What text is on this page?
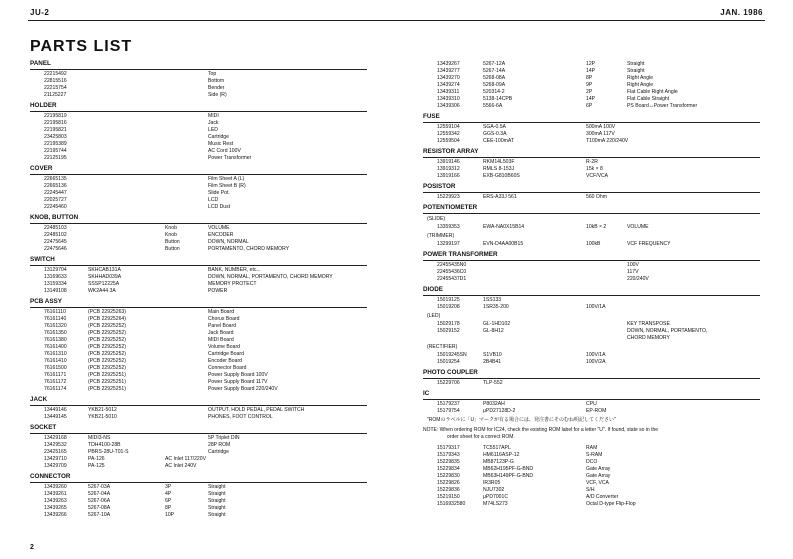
JU-2	JAN. 1986
PARTS LIST
PANEL
22215492	Top
22815516	Bottom
22215754	Bender
21125227	Side (R)
HOLDER
22195819	MIDI
22195816	Jack
22195821	LED
23425803	Cartridge
22195389	Music Rest
22195744	AC Cord 100V
22125195	Power Transformer
COVER
22665135	Film Sheet A (L)
22665136	Film Sheet B (R)
22245447	Slide Pot.
22025727	LCD
22245460	LCD Dust
KNOB, BUTTON
22485103	Knob	VOLUME
22485102	Knob	ENCODER
22475645	Button	DOWN, NORMAL
22475646	Button	PORTAMENTO, CHORD MEMORY
SWITCH
13129704	SKHCAB131A	BANK, NUMBER, etc...
13169633	SKHHAD039A	DOWN, NORMAL, PORTAMENTO, CHORD MEMORY
13159334	SSSP12225A	MEMORY PROTECT
13149108	WK2A44 3A	POWER
PCB ASSY
76161110	(PCB 22925263)	Main Board
76161140	(PCB 22925264)	Chorus Board
76161320	(PCB 22925252)	Panel Board
76161350	(PCB 22925252)	Jack Board
76161380	(PCB 22925252)	MIDI Board
76161400	(PCB 22925252)	Volume Board
76161310	(PCB 22925252)	Cartridge Board
76161410	(PCB 22925252)	Encoder Board
76161500	(PCB 22925252)	Connector Board
76161171	(PCB 22925251)	Power Supply Board 100V
76161172	(PCB 22925251)	Power Supply Board 117V
76161174	(PCB 22925251)	Power Supply Board 220/240V
JACK
13449146	YKB21-5012	OUTPUT, HOLD PEDAL, PEDAL SWITCH
13449145	YKB21-5010	PHONES, FOOT CONTROL
SOCKET
13429168	MIDI3-NS	5P Triplet DIN
13429532	TDH4100-28B	28P ROM
23425165	PBRS-28U-T01-S	Cartridge
13429710	PA-126	AC Inlet 117/220V
13429709	PA-125	AC Inlet 240V
CONNECTOR
13439260	5267-03A	3P	Straight
13439261	5267-04A	4P	Straight
13439263	5267-06A	6P	Straight
13439265	5267-08A	8P	Straight
13439266	5267-10A	10P	Straight
13439267	5267-12A	12P	Straight
13439277	5267-14A	14P	Straight
13439270	5268-08A	8P	Right Angle
13439274	5268-09A	9P	Right Angle
13439311	520314-2	2P	Flat Cable Right Angle
13439310	5138-14CPB	14P	Flat Cable Straight
13439306	5566-6A	6P	PS Board↔Power Transformer
FUSE
12559104	SGA-0.5A	500mA 100V
12559342	GGS-0.3A	300mA 117V
12559504	CEE-100mAT	T100mA 220/240V
RESISTOR ARRAY
13919146	RKM14L503F	R-2R
13919312	RMLS 8-153J	15k × 8
13919166	EXB-G810B60S	VCF/VCA
POSISTOR
15229923	ERS-A33J 561	560 Ohm
POTENTIOMETER
(SLIDE)
13359353	EWA-NA0X15B14	10kB × 2	VOLUME
(TRIMMER)
13299197	EVN-D4AA00B15	100kB	VCF FREQUENCY
POWER TRANSFORMER
22455435N0	100V
22455436C0	117V
22455437D1	220/240V
DIODE
15019125	1SS133
15019208	1SR35-200	100V/1A
(LED)
15029178	GL-1HD102	KEY TRANSPOSE
15029152	GL-8H12	DOWN, NORMAL, PORTAMENTO,
CHORD MEMORY
(RECTIFIER)
15019245SN	S1VB10	100V/1A
15019254	2B4B41	100V/2A
PHOTO COUPLER
15229706	TLP-552
IC
15179237	P8032AH	CPU
15179754	μPD27128D-2	EP-ROM
"ROMのラベルに「U」マークが有る場合には、発注書にそのむね明記してください"
NOTE: When ordering ROM for IC24, check the existing ROM label for a letter "U". If found, state so in the
order sheet for a correct ROM.
15179317	TC5517APL	RAM
15179343	HM6116ASP-12	S-RAM
15229835	MB87123P-G	DCO
15229834	MB62H195PF-G-BND	Gate Array
15229830	MB63H149PF-G-BND	Gate Array
15229826	IR3R05	VCF, VCA
15229836	NJU7302	S/H
15219150	μPD7001C	A/D Converter
1516932580	M74LS273	Octal D-type Flip-Flop
2
